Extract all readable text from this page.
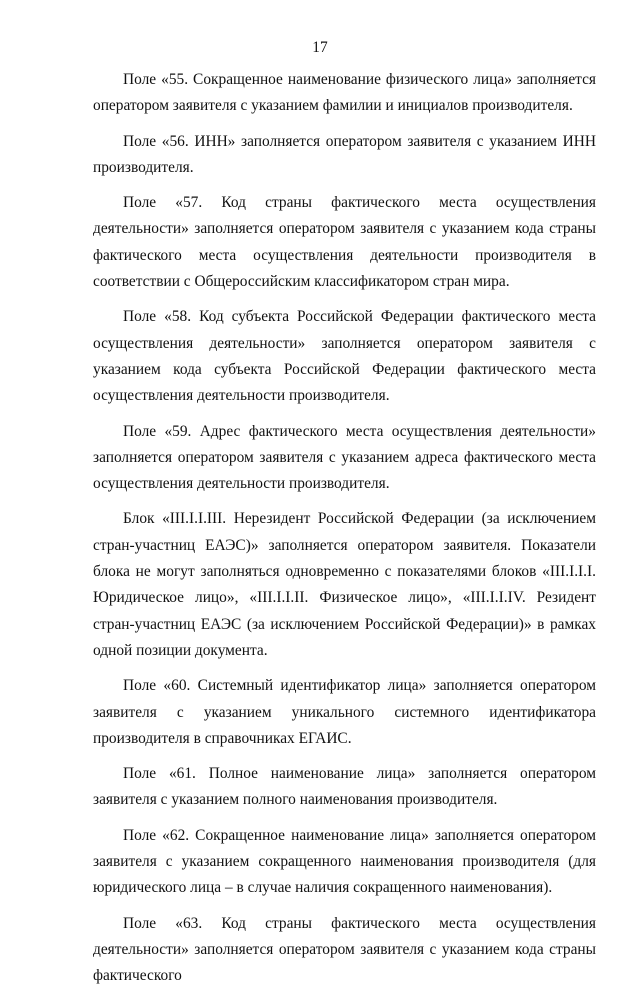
17

Поле «55. Сокращенное наименование физического лица» заполняется оператором заявителя с указанием фамилии и инициалов производителя.

Поле «56. ИНН» заполняется оператором заявителя с указанием ИНН производителя.

Поле «57. Код страны фактического места осуществления деятельности» заполняется оператором заявителя с указанием кода страны фактического места осуществления деятельности производителя в соответствии с Общероссийским классификатором стран мира.

Поле «58. Код субъекта Российской Федерации фактического места осуществления деятельности» заполняется оператором заявителя с указанием кода субъекта Российской Федерации фактического места осуществления деятельности производителя.

Поле «59. Адрес фактического места осуществления деятельности» заполняется оператором заявителя с указанием адреса фактического места осуществления деятельности производителя.

Блок «III.I.I.III. Нерезидент Российской Федерации (за исключением стран-участниц ЕАЭС)» заполняется оператором заявителя. Показатели блока не могут заполняться одновременно с показателями блоков «III.I.I.I. Юридическое лицо», «III.I.I.II. Физическое лицо», «III.I.I.IV. Резидент стран-участниц ЕАЭС (за исключением Российской Федерации)» в рамках одной позиции документа.

Поле «60. Системный идентификатор лица» заполняется оператором заявителя с указанием уникального системного идентификатора производителя в справочниках ЕГАИС.

Поле «61. Полное наименование лица» заполняется оператором заявителя с указанием полного наименования производителя.

Поле «62. Сокращенное наименование лица» заполняется оператором заявителя с указанием сокращенного наименования производителя (для юридического лица – в случае наличия сокращенного наименования).

Поле «63. Код страны фактического места осуществления деятельности» заполняется оператором заявителя с указанием кода страны фактического
